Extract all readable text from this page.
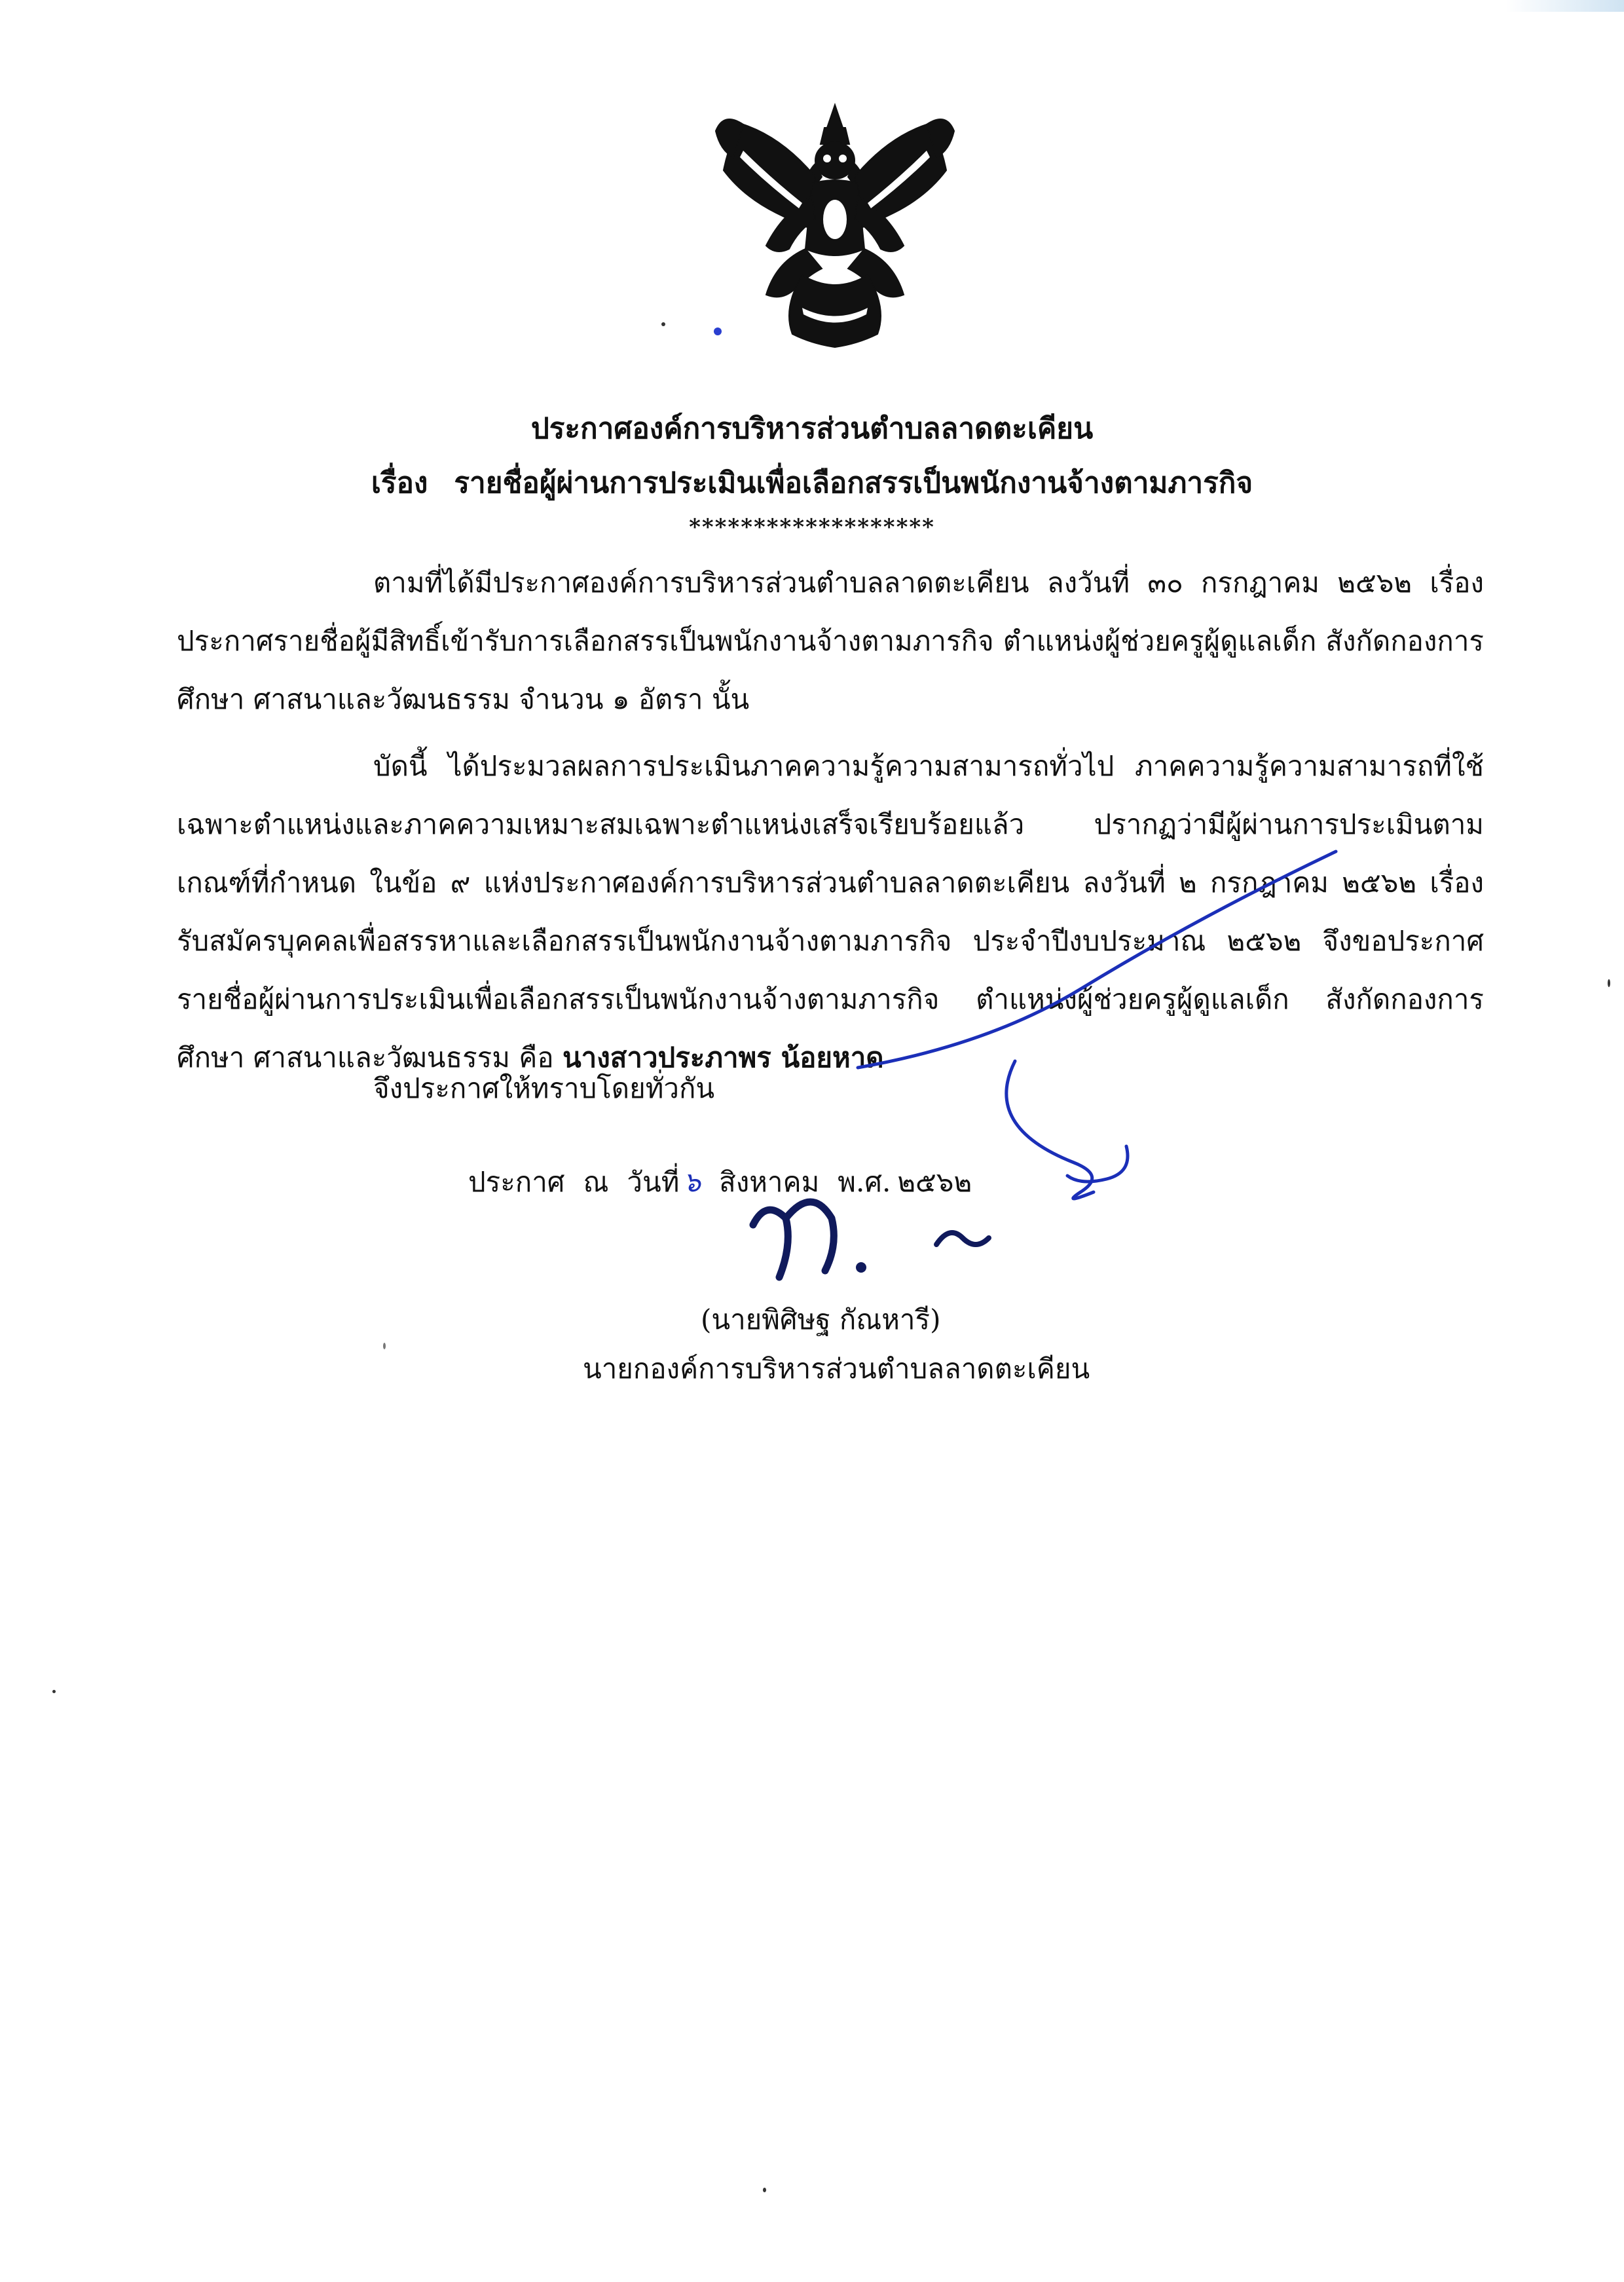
ประกาศองค์การบริหารส่วนตำบลลาดตะเคียน
เรื่อง รายชื่อผู้ผ่านการประเมินเพื่อเลือกสรรเป็นพนักงานจ้างตามภารกิจ
*******************

ตามที่ได้มีประกาศองค์การบริหารส่วนตำบลลาดตะเคียน ลงวันที่ ๓๐ กรกฎาคม ๒๕๖๒ เรื่อง ประกาศรายชื่อผู้มีสิทธิ์เข้ารับการเลือกสรรเป็นพนักงานจ้างตามภารกิจ ตำแหน่งผู้ช่วยครูผู้ดูแลเด็ก สังกัดกองการศึกษา ศาสนาและวัฒนธรรม จำนวน ๑ อัตรา นั้น

บัดนี้ ได้ประมวลผลการประเมินภาคความรู้ความสามารถทั่วไป ภาคความรู้ความสามารถที่ใช้เฉพาะตำแหน่งและภาคความเหมาะสมเฉพาะตำแหน่งเสร็จเรียบร้อยแล้ว ปรากฏว่ามีผู้ผ่านการประเมินตามเกณฑ์ที่กำหนด ในข้อ ๙ แห่งประกาศองค์การบริหารส่วนตำบลลาดตะเคียน ลงวันที่ ๒ กรกฎาคม ๒๕๖๒ เรื่อง รับสมัครบุคคลเพื่อสรรหาและเลือกสรรเป็นพนักงานจ้างตามภารกิจ ประจำปีงบประมาณ ๒๕๖๒ จึงขอประกาศรายชื่อผู้ผ่านการประเมินเพื่อเลือกสรรเป็นพนักงานจ้างตามภารกิจ ตำแหน่งผู้ช่วยครูผู้ดูแลเด็ก สังกัดกองการศึกษา ศาสนาและวัฒนธรรม คือ นางสาวประภาพร น้อยหาด

จึงประกาศให้ทราบโดยทั่วกัน
ประกาศ ณ วันที่ ๖ สิงหาคม พ.ศ. ๒๕๖๒
(นายพิศิษฐ กัณหารี)
นายกองค์การบริหารส่วนตำบลลาดตะเคียน
